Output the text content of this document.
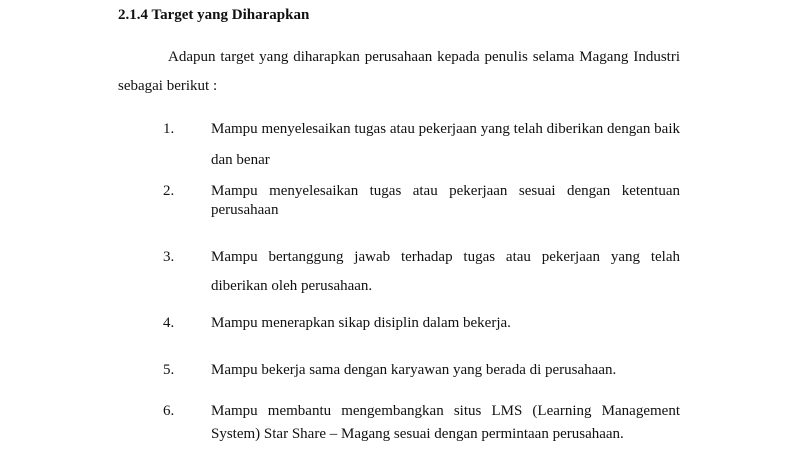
2.1.4 Target yang Diharapkan

Adapun target yang diharapkan perusahaan kepada penulis selama Magang Industri sebagai berikut :

1.	Mampu menyelesaikan tugas atau pekerjaan yang telah diberikan dengan baik dan benar
2.	Mampu menyelesaikan tugas atau pekerjaan sesuai dengan ketentuan perusahaan
3.	Mampu bertanggung jawab terhadap tugas atau pekerjaan yang telah diberikan oleh perusahaan.
4.	Mampu menerapkan sikap disiplin dalam bekerja.
5.	Mampu bekerja sama dengan karyawan yang berada di perusahaan.
6.	Mampu membantu mengembangkan situs LMS (Learning Management System) Star Share – Magang sesuai dengan permintaan perusahaan.
